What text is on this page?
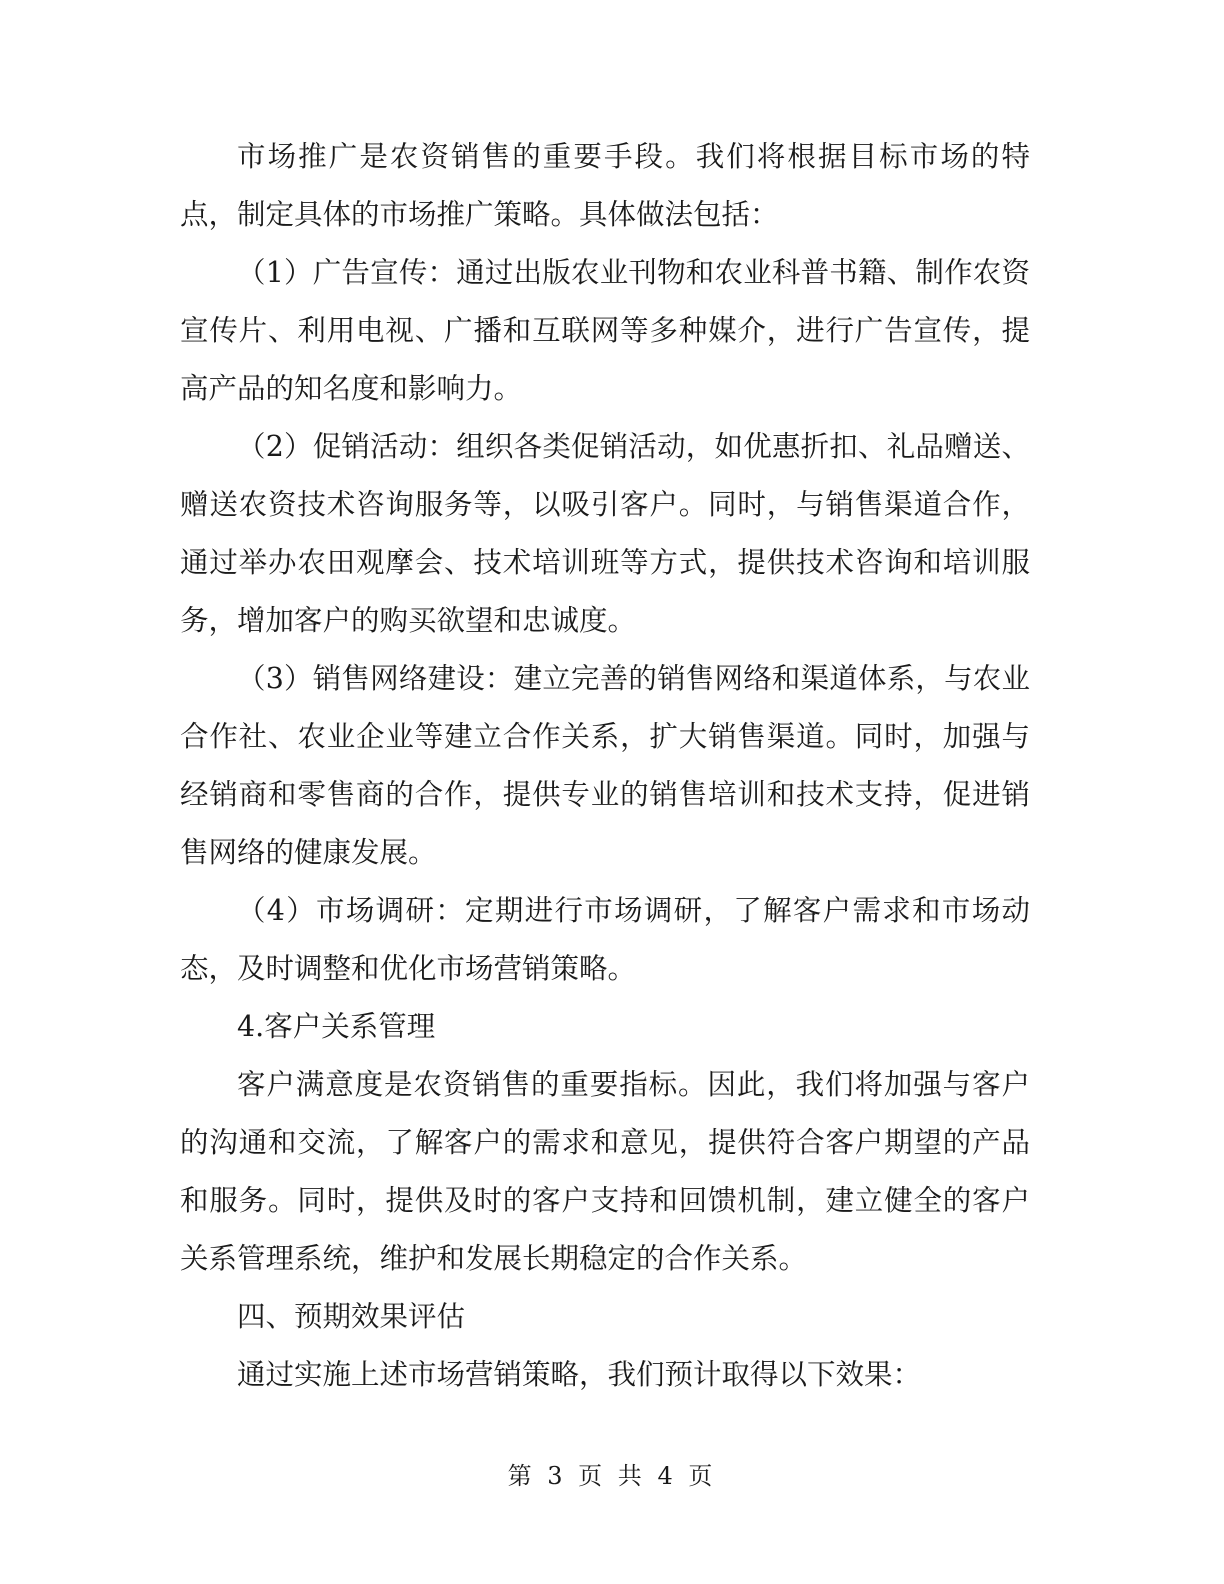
市场推广是农资销售的重要手段。我们将根据目标市场的特点，制定具体的市场推广策略。具体做法包括：

（1）广告宣传：通过出版农业刊物和农业科普书籍、制作农资宣传片、利用电视、广播和互联网等多种媒介，进行广告宣传，提高产品的知名度和影响力。

（2）促销活动：组织各类促销活动，如优惠折扣、礼品赠送、赠送农资技术咨询服务等，以吸引客户。同时，与销售渠道合作，通过举办农田观摩会、技术培训班等方式，提供技术咨询和培训服务，增加客户的购买欲望和忠诚度。

（3）销售网络建设：建立完善的销售网络和渠道体系，与农业合作社、农业企业等建立合作关系，扩大销售渠道。同时，加强与经销商和零售商的合作，提供专业的销售培训和技术支持，促进销售网络的健康发展。

（4）市场调研：定期进行市场调研，了解客户需求和市场动态，及时调整和优化市场营销策略。

4.客户关系管理

客户满意度是农资销售的重要指标。因此，我们将加强与客户的沟通和交流，了解客户的需求和意见，提供符合客户期望的产品和服务。同时，提供及时的客户支持和回馈机制，建立健全的客户关系管理系统，维护和发展长期稳定的合作关系。

四、预期效果评估

通过实施上述市场营销策略，我们预计取得以下效果：

第 3 页 共 4 页
